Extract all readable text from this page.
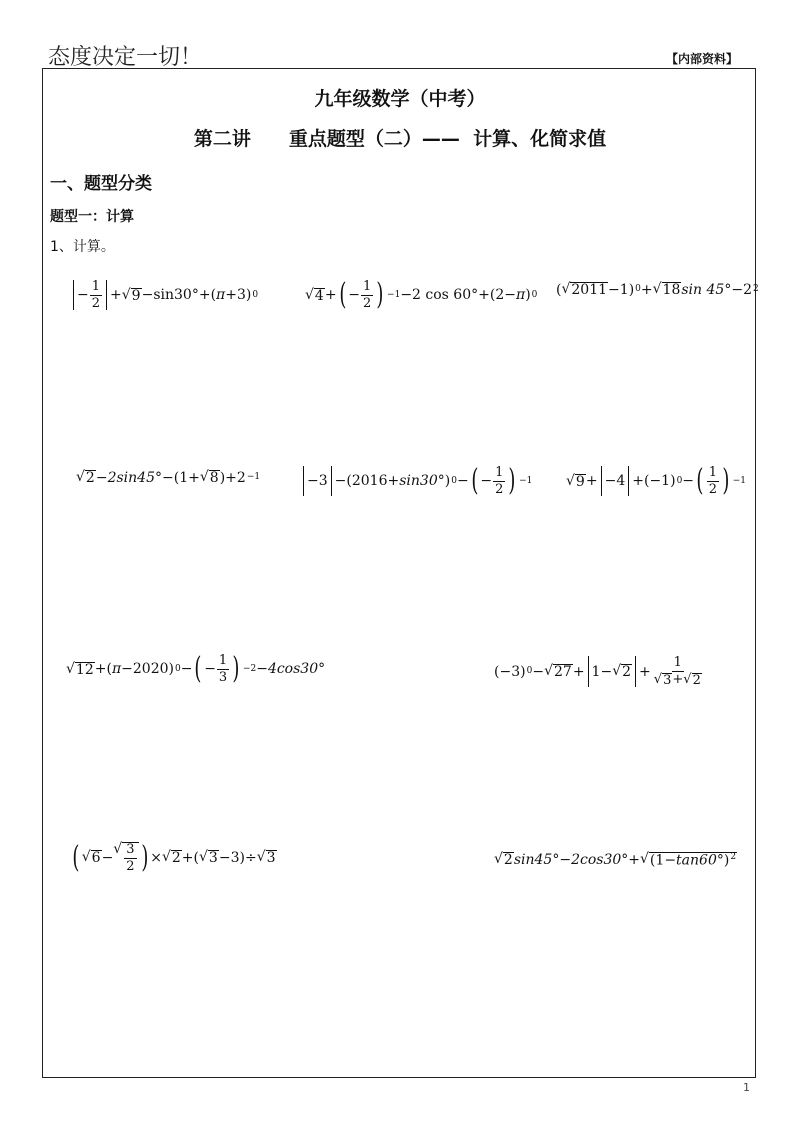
态度决定一切！	【内部资料】
九年级数学（中考）
第二讲　　重点题型（二）——  计算、化简求值
一、题型分类
题型一：计算
1、计算。
− $\frac{1}{2}$ + √ 9 − sin30° + ( π + 3 ) 0	√ 4 + ( − $\frac{1}{2}$ ) −1 − 2 cos 60° + ( 2 − π ) 0 ( √ 2011 − 1 ) 0 + √ 18 sin 45° − 2 2
√ 2 − 2sin45° − ( 1 + √ 8 ) + 2 −1	− 3 − ( 2016 + sin30° ) 0 − ( − $\frac{1}{2}$ ) −1 √ 9 + − 4 + ( − 1 ) 0 − ( $\frac{1}{2}$ ) −1
√ 12 + ( π − 2020 ) 0 − ( − $\frac{1}{3}$ ) −2 − 4cos30°	( − 3 ) 0 − √ 27 + 1 − √ $2 + \frac{1}{√ 3 + √ 2}$
( √ 6 −
√ $\frac{3}{2}$ ) × √ 2 + ( √ 3 − 3 ) ÷ √ 3	√ 2 sin45° − 2cos30° + √ $(1-\tan 60^\circ)^2$
1
